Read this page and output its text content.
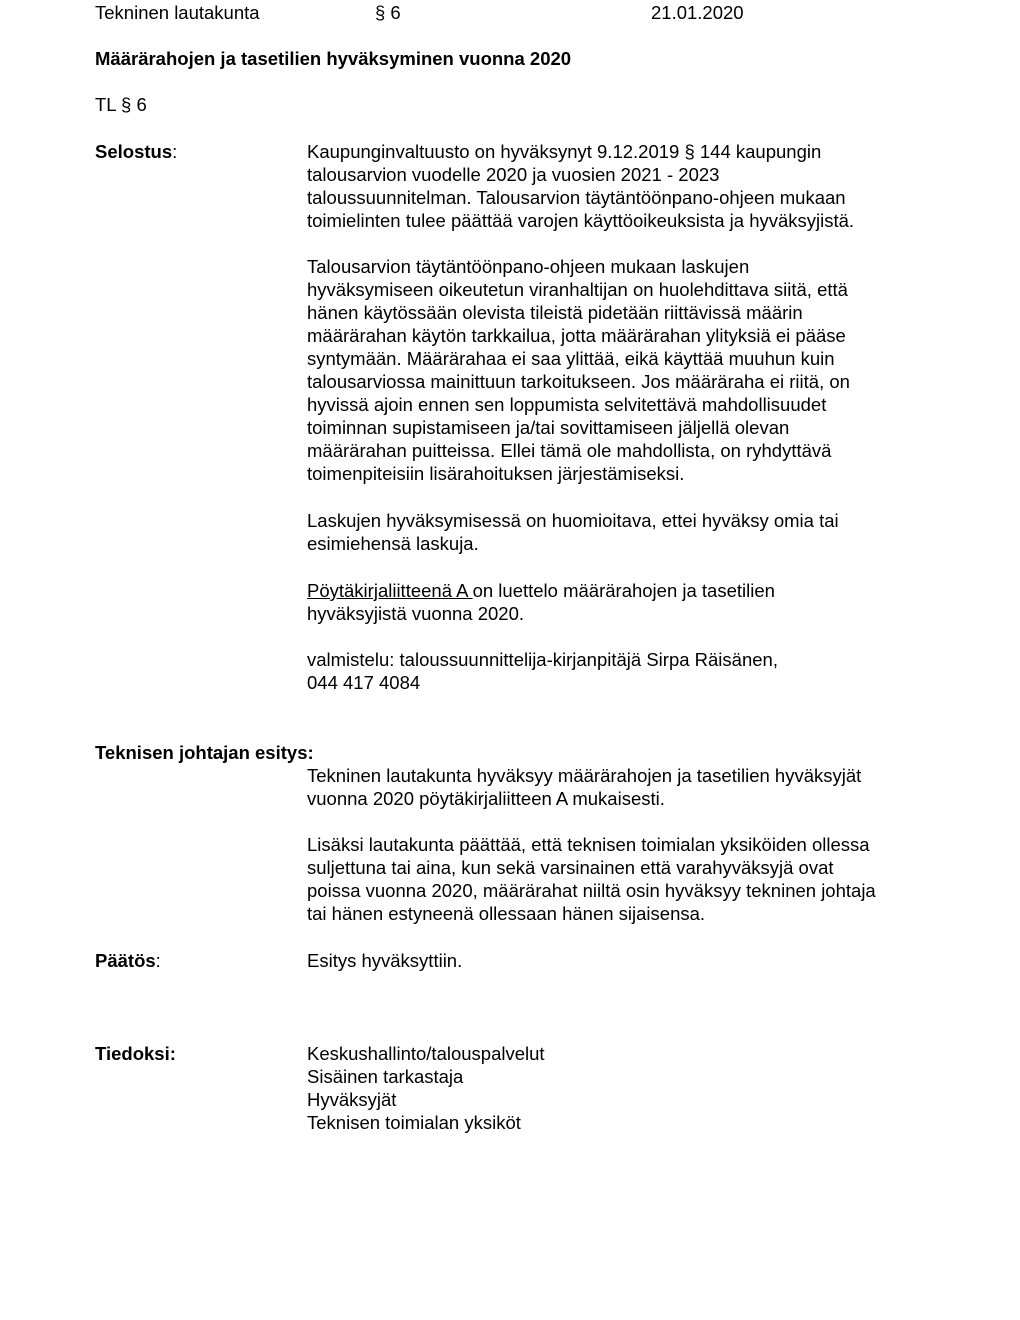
Tekninen lautakunta	§ 6	21.01.2020
Määrärahojen ja tasetilien hyväksyminen vuonna 2020
TL § 6
Selostus:	Kaupunginvaltuusto on hyväksynyt 9.12.2019 § 144 kaupungin
talousarvion vuodelle 2020 ja vuosien 2021 - 2023
taloussuunnitelman. Talousarvion täytäntöönpano-ohjeen mukaan
toimielinten tulee päättää varojen käyttöoikeuksista ja hyväksyjistä.
Talousarvion täytäntöönpano-ohjeen mukaan laskujen
hyväksymiseen oikeutetun viranhaltijan on huolehdittava siitä, että
hänen käytössään olevista tileistä pidetään riittävissä määrin
määrärahan käytön tarkkailua, jotta määrärahan ylityksiä ei pääse
syntymään. Määrärahaa ei saa ylittää, eikä käyttää muuhun kuin
talousarviossa mainittuun tarkoitukseen. Jos määräraha ei riitä, on
hyvissä ajoin ennen sen loppumista selvitettävä mahdollisuudet
toiminnan supistamiseen ja/tai sovittamiseen jäljellä olevan
määrärahan puitteissa. Ellei tämä ole mahdollista, on ryhdyttävä
toimenpiteisiin lisärahoituksen järjestämiseksi.
Laskujen hyväksymisessä on huomioitava, ettei hyväksy omia tai
esimiehensä laskuja.
Pöytäkirjaliitteenä A on luettelo määrärahojen ja tasetilien
hyväksyjistä vuonna 2020.
valmistelu: taloussuunnittelija-kirjanpitäjä Sirpa Räisänen,
044 417 4084
Teknisen johtajan esitys:
Tekninen lautakunta hyväksyy määrärahojen ja tasetilien hyväksyjät
vuonna 2020 pöytäkirjaliitteen A mukaisesti.
Lisäksi lautakunta päättää, että teknisen toimialan yksiköiden ollessa
suljettuna tai aina, kun sekä varsinainen että varahyväksyjä ovat
poissa vuonna 2020, määrärahat niiltä osin hyväksyy tekninen johtaja
tai hänen estyneenä ollessaan hänen sijaisensa.
Päätös:	Esitys hyväksyttiin.
Tiedoksi:	Keskushallinto/talouspalvelut
Sisäinen tarkastaja
Hyväksyjät
Teknisen toimialan yksiköt
